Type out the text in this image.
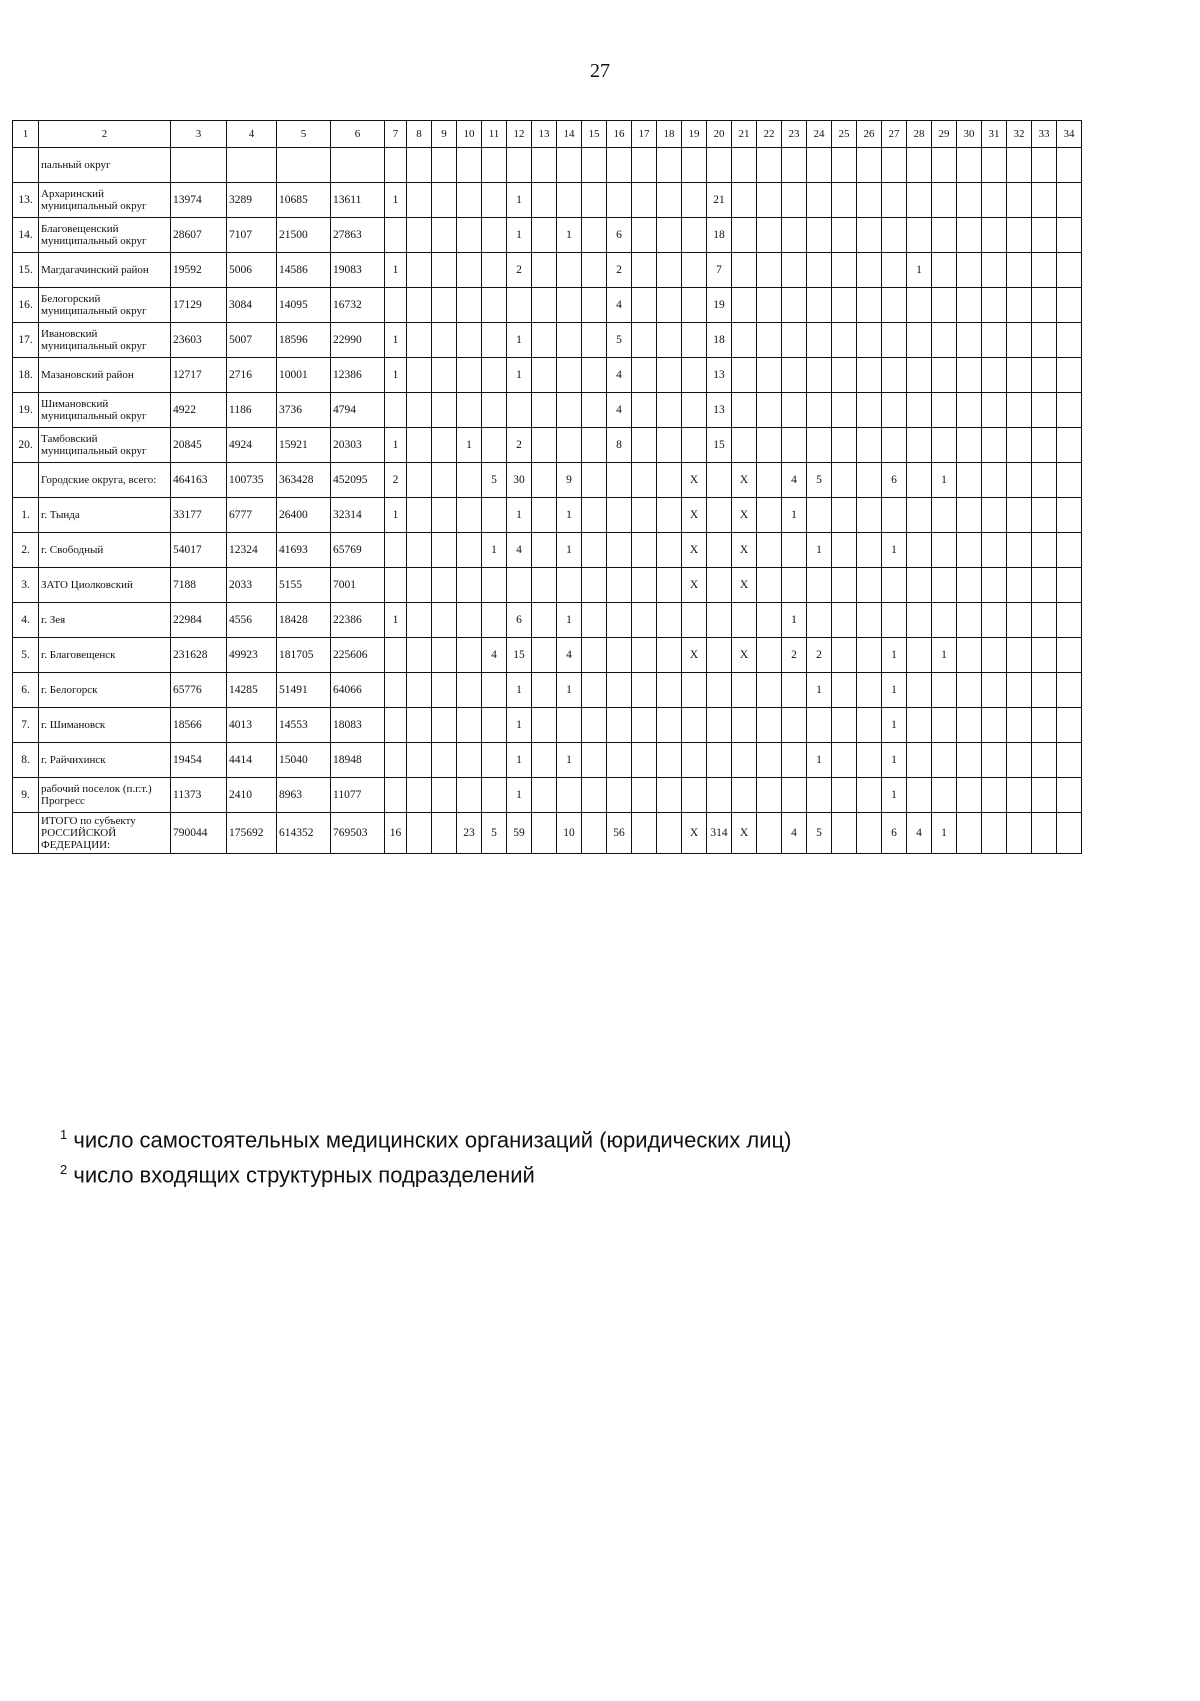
27
1	2	3	4	5	6	7	8	9	10	11	12	13	14	15	16	17	18	19	20	21	22	23	24	25	26	27	28	29	30	31	32	33	34
	пальный округ																																
13.	Архаринский муниципальный округ	13974	3289	10685	13611	1					1								21														
14.	Благовещенский муниципальный округ	28607	7107	21500	27863						1		1		6				18														
15.	Магдагачинский район	19592	5006	14586	19083	1					2				2				7								1						
16.	Белогорский муниципальный округ	17129	3084	14095	16732										4				19														
17.	Ивановский муниципальный округ	23603	5007	18596	22990	1					1				5				18														
18.	Мазановский район	12717	2716	10001	12386	1					1				4				13														
19.	Шимановский муниципальный округ	4922	1186	3736	4794										4				13														
20.	Тамбовский муниципальный округ	20845	4924	15921	20303	1			1		2				8				15														
	Городские округа, всего:	464163	100735	363428	452095	2				5	30		9					X		X		4	5			6		1					
1.	г. Тында	33177	6777	26400	32314	1					1		1					X		X		1											
2.	г. Свободный	54017	12324	41693	65769					1	4		1					X		X			1			1							
3.	ЗАТО Циолковский	7188	2033	5155	7001													X		X													
4.	г. Зея	22984	4556	18428	22386	1					6		1									1											
5.	г. Благовещенск	231628	49923	181705	225606					4	15		4					X		X		2	2			1		1					
6.	г. Белогорск	65776	14285	51491	64066						1		1										1			1							
7.	г. Шимановск	18566	4013	14553	18083						1															1							
8.	г. Райчихинск	19454	4414	15040	18948						1		1										1			1							
9.	рабочий поселок (п.г.т.) Прогресс	11373	2410	8963	11077						1															1							
	ИТОГО по субъекту РОССИЙСКОЙ ФЕДЕРАЦИИ:	790044	175692	614352	769503	16			23	5	59		10		56			X	314	X		4	5			6	4	1					
$^1$ число самостоятельных медицинских организаций (юридических лиц)
$^2$ число входящих структурных подразделений
